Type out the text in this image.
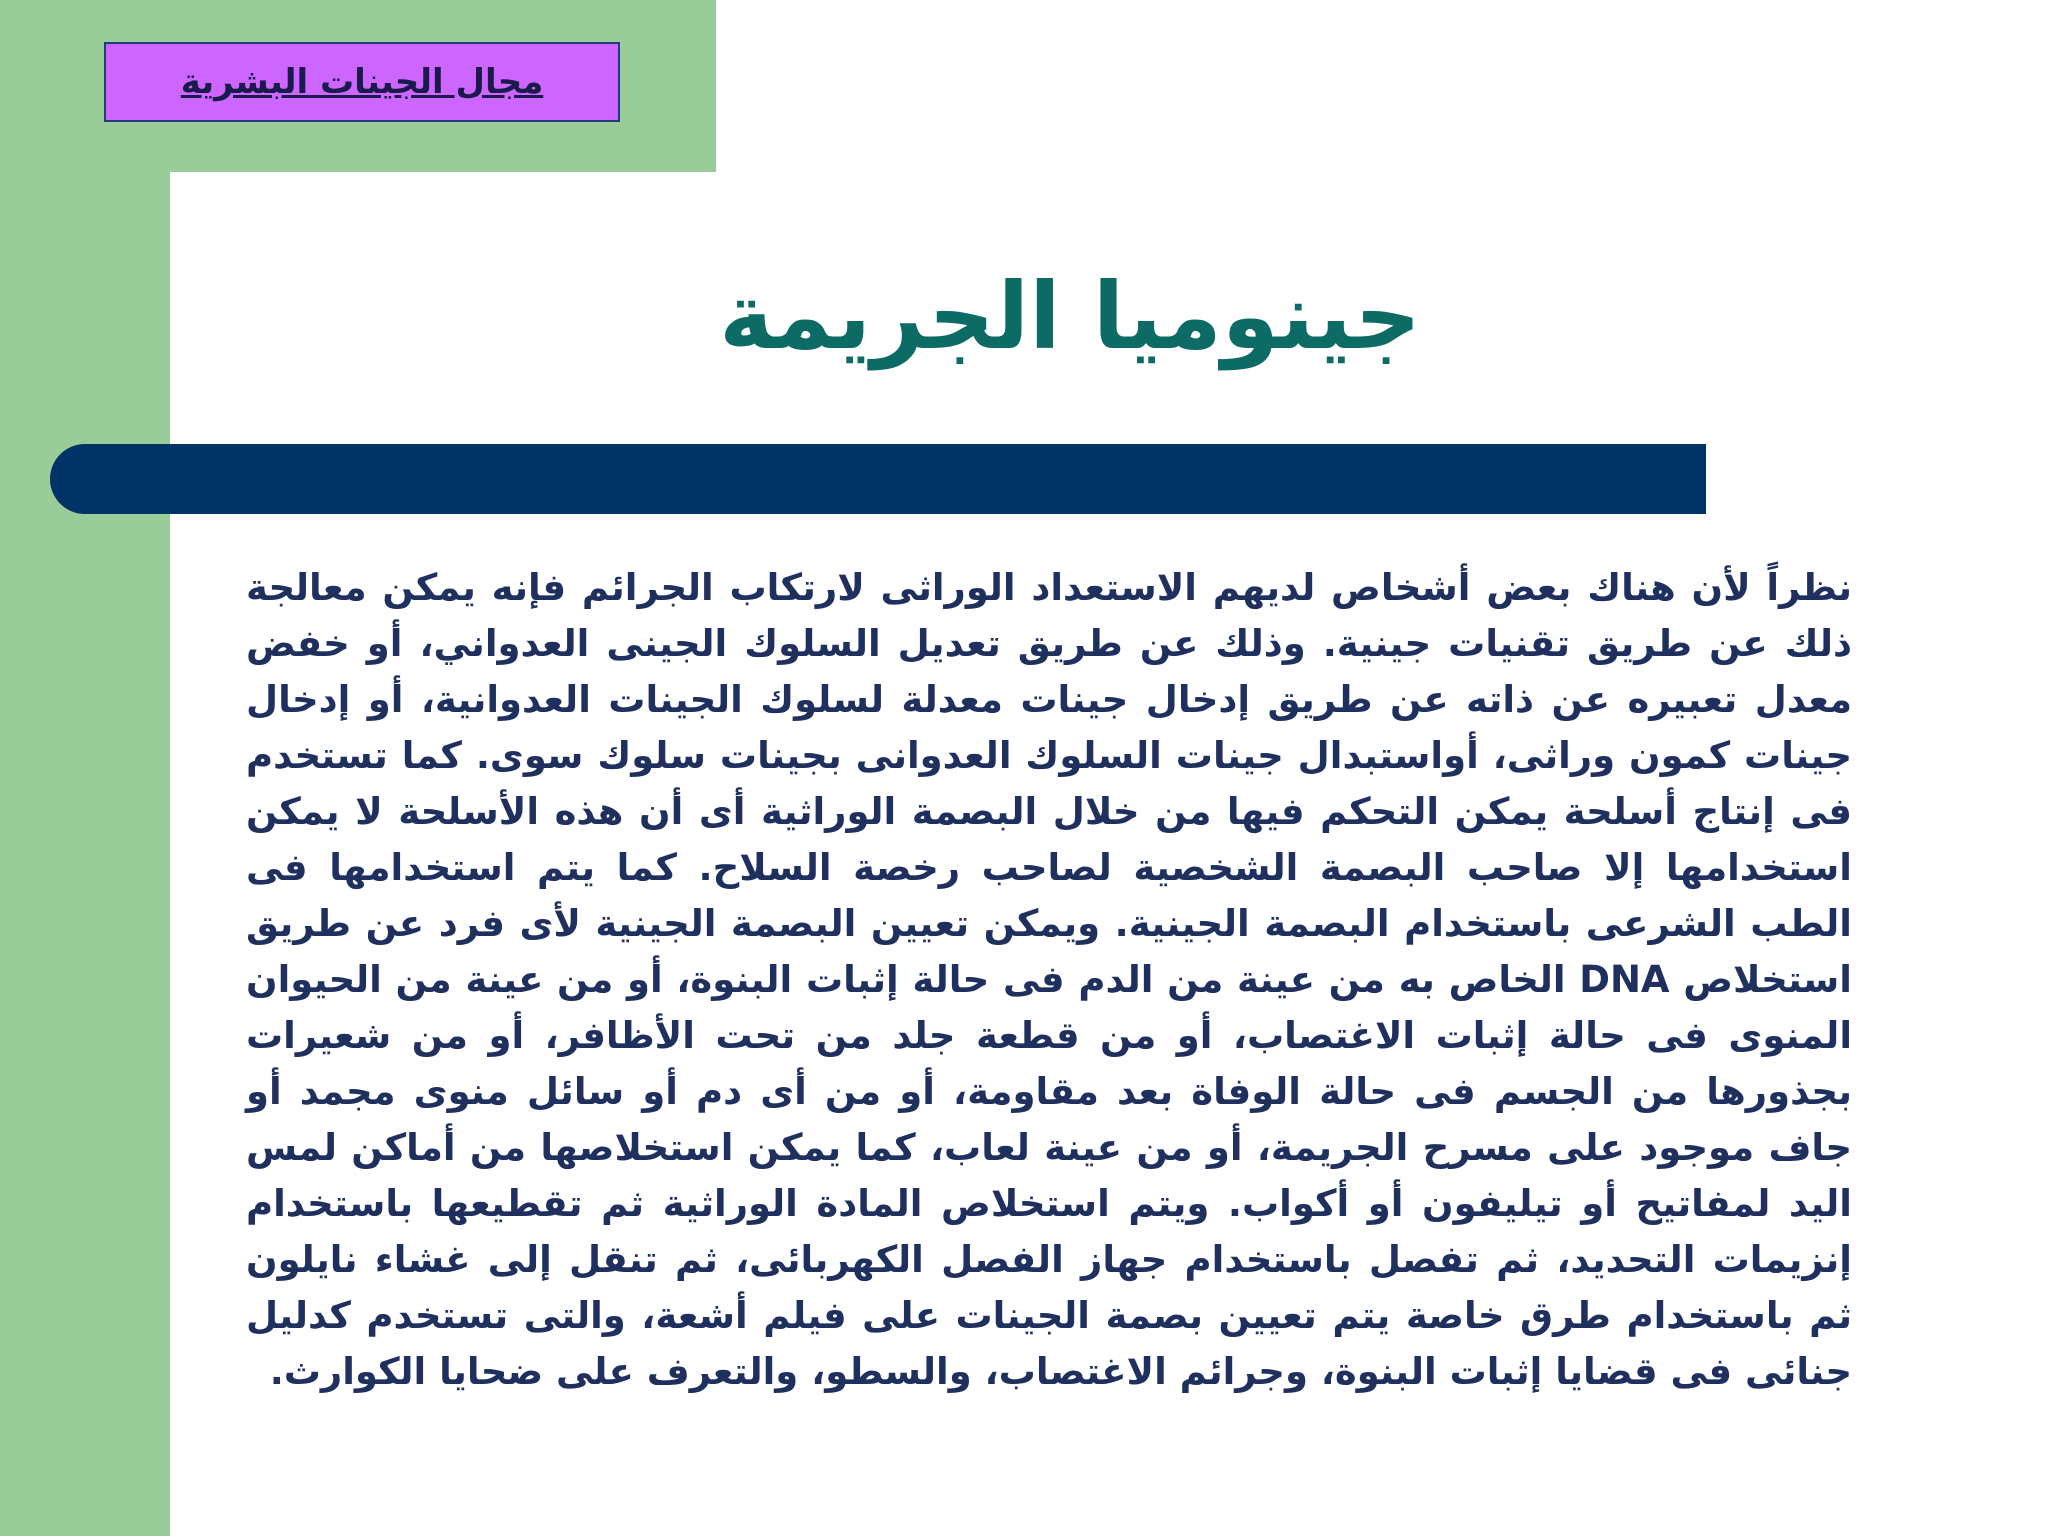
مجال الجينات البشرية
جينوميا الجريمة
نظراً لأن هناك بعض أشخاص لديهم الاستعداد الوراثى لارتكاب الجرائم فإنه يمكن معالجة ذلك عن طريق تقنيات جينية. وذلك عن طريق تعديل السلوك الجينى العدواني، أو خفض معدل تعبيره عن ذاته عن طريق إدخال جينات معدلة لسلوك الجينات العدوانية، أو إدخال جينات كمون وراثى، أواستبدال جينات السلوك العدوانى بجينات سلوك سوى. كما تستخدم فى إنتاج أسلحة يمكن التحكم فيها من خلال البصمة الوراثية أى أن هذه الأسلحة لا يمكن استخدامها إلا صاحب البصمة الشخصية لصاحب رخصة السلاح. كما يتم استخدامها فى الطب الشرعى باستخدام البصمة الجينية. ويمكن تعيين البصمة الجينية لأى فرد عن طريق استخلاص DNA الخاص به من عينة من الدم فى حالة إثبات البنوة، أو من عينة من الحيوان المنوى فى حالة إثبات الاغتصاب، أو من قطعة جلد من تحت الأظافر، أو من شعيرات بجذورها من الجسم فى حالة الوفاة بعد مقاومة، أو من أى دم أو سائل منوى مجمد أو جاف موجود على مسرح الجريمة، أو من عينة لعاب، كما يمكن استخلاصها من أماكن لمس اليد لمفاتيح أو تيليفون أو أكواب. ويتم استخلاص المادة الوراثية ثم تقطيعها باستخدام إنزيمات التحديد، ثم تفصل باستخدام جهاز الفصل الكهربائى، ثم تنقل إلى غشاء نايلون ثم باستخدام طرق خاصة يتم تعيين بصمة الجينات على فيلم أشعة، والتى تستخدم كدليل جنائى فى قضايا إثبات البنوة، وجرائم الاغتصاب، والسطو، والتعرف على ضحايا الكوارث.
